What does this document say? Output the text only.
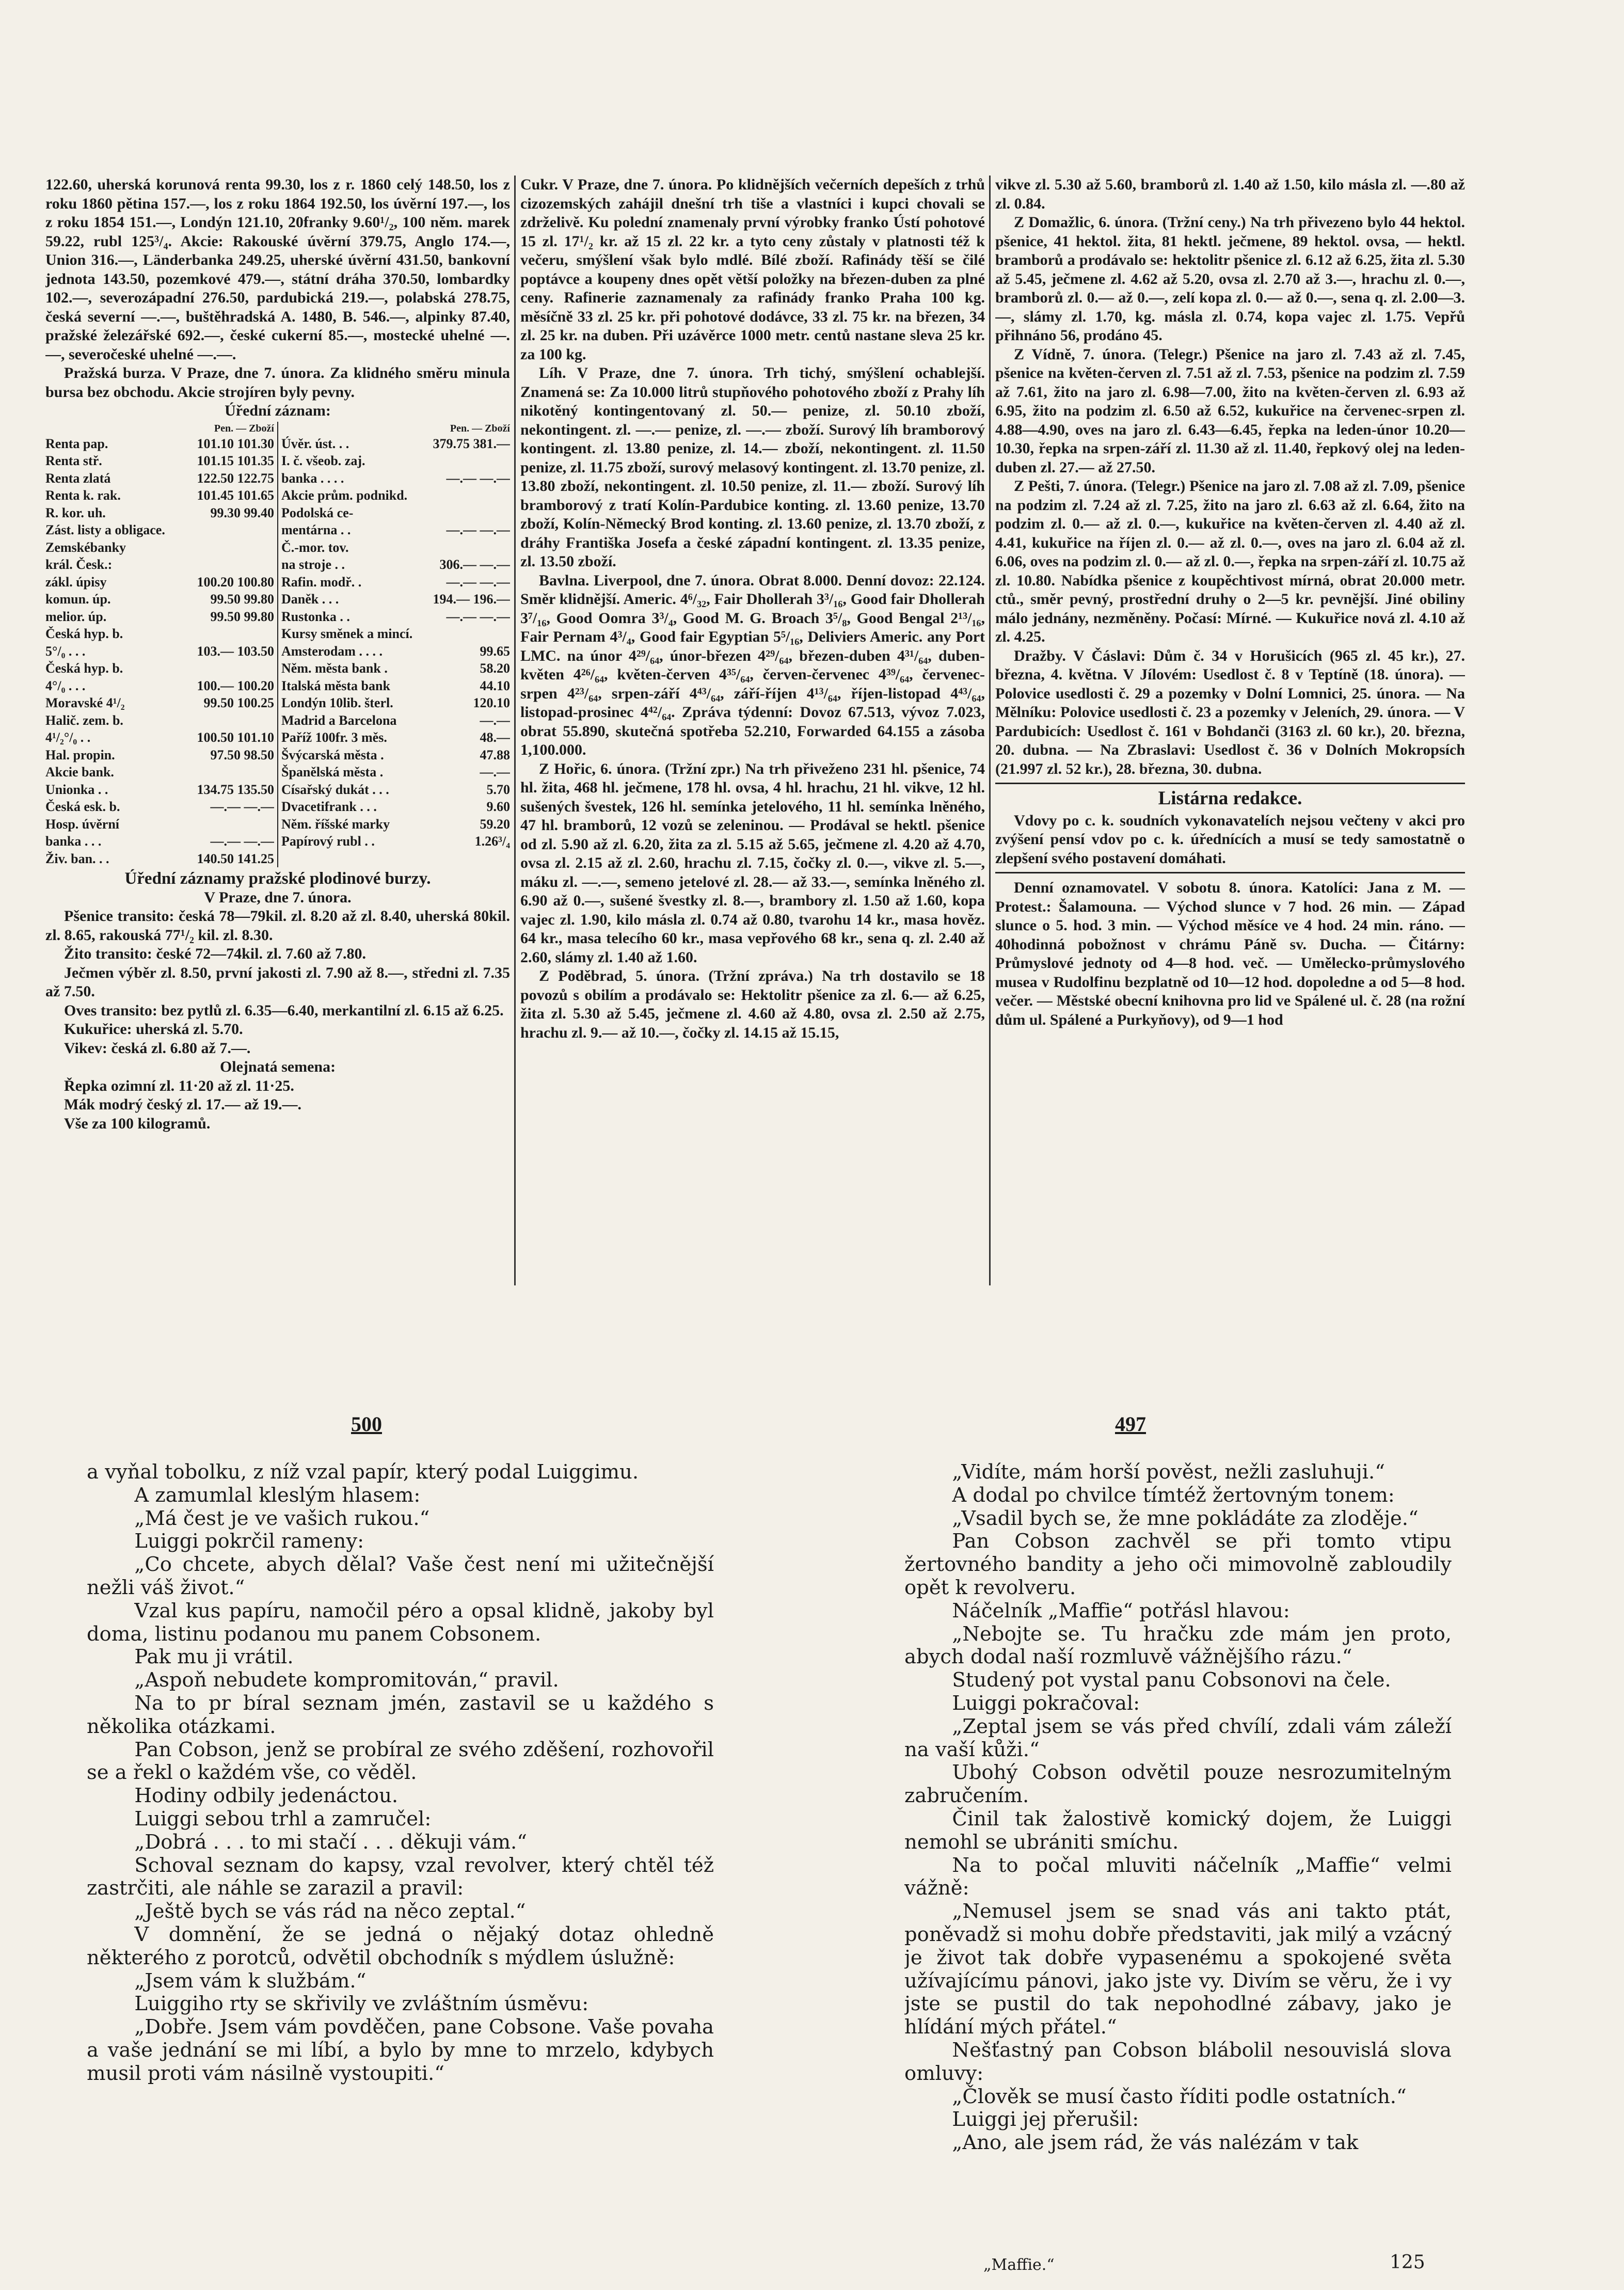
122.60, uherská korunová renta 99.30, los z r. 1860 celý 148.50, los z roku 1860 pětina 157.—, los z roku 1864 192.50, los úvěrní 197.—, los z roku 1854 151.—, Londýn 121.10, 20franky 9.60¹/₂, 100 něm. marek 59.22, rubl 125³/₄. Akcie: Rakouské úvěrní 379.75, Anglo 174.—, Union 316.—, Länderbanka 249.25, uherské úvěrní 431.50, bankovní jednota 143.50, pozemkové 479.—, státní dráha 370.50, lombardky 102.—, severozápadní 276.50, pardubická 219.—, polabská 278.75, česká severní —.—, buštěhradská A. 1480, B. 546.—, alpinky 87.40, pražské železářské 692.—, české cukerní 85.—, mostecké uhelné —.—, severočeské uhelné —.—.

Pražská burza. V Praze, dne 7. února. Za klidného směru minula bursa bez obchodu. Akcie strojíren byly pevny.

Úřední záznam:

Pen. — Zboží
Renta pap.	101.10 101.30
Renta stř.	101.15 101.35
Renta zlatá	122.50 122.75
Renta k. rak.	101.45 101.65
R. kor. uh.	99.30 99.40
Zást. listy a obligace.
Zemskébanky
král. Česk.:
zákl. úpisy	100.20 100.80
komun. úp.	99.50 99.80
melior. úp.	99.50 99.80
Česká hyp. b.
5°/₀ . . .	103.— 103.50
Česká hyp. b.
4°/₀ . . .	100.— 100.20
Moravské 4¹/₂	99.50 100.25
Halič. zem. b.
4¹/₂°/₀ . .	100.50 101.10
Hal. propin.	97.50 98.50
Akcie bank.
Unionka . .	134.75 135.50
Česká esk. b.	—.— —.—
Hosp. úvěrní
banka . . .	—.— —.—
Živ. ban. . .	140.50 141.25
Pen. — Zboží
Úvěr. úst. . .	379.75 381.—
I. č. všeob. zaj.
banka . . . .	—.— —.—
Akcie prům. podnikd.
Podolská ce-
mentárna . .	—.— —.—
Č.-mor. tov.
na stroje . .	306.— —.—
Rafin. modř. .	—.— —.—
Daněk . . .	194.— 196.—
Rustonka . .	—.— —.—
Kursy směnek a mincí.
Amsterodam . . . .	99.65
Něm. města bank .	58.20
Italská města bank	44.10
Londýn 10lib. šterl.	120.10
Madrid a Barcelona	—.—
Paříž 100fr. 3 měs.	48.—
Švýcarská města .	47.88
Španělská města .	—.—
Císařský dukát . . .	5.70
Dvacetifrank . . .	9.60
Něm. říšské marky	59.20
Papírový rubl . .	1.26³/₄

Úřední záznamy pražské plodinové burzy.

V Praze, dne 7. února.

Pšenice transito: česká 78—79kil. zl. 8.20 až zl. 8.40, uherská 80kil. zl. 8.65, rakouská 77¹/₂ kil. zl. 8.30.

Žito transito: české 72—74kil. zl. 7.60 až 7.80.

Ječmen výběr zl. 8.50, první jakosti zl. 7.90 až 8.—, středni zl. 7.35 až 7.50.

Oves transito: bez pytlů zl. 6.35—6.40, merkantilní zl. 6.15 až 6.25.

Kukuřice: uherská zl. 5.70.

Vikev: česká zl. 6.80 až 7.—.

Olejnatá semena:

Řepka ozimní zl. 11·20 až zl. 11·25.

Mák modrý český zl. 17.— až 19.—.

Vše za 100 kilogramů.

Cukr. V Praze, dne 7. února. Po klidnějších večerních depeších z trhů cizozemských zahájil dnešní trh tiše a vlastníci i kupci chovali se zdrželivě. Ku polední znamenaly první výrobky franko Ústí pohotové 15 zl. 17¹/₂ kr. až 15 zl. 22 kr. a tyto ceny zůstaly v platnosti též k večeru, smýšlení však bylo mdlé. Bílé zboží. Rafinády těší se čilé poptávce a koupeny dnes opět větší položky na březen-duben za plné ceny. Rafinerie zaznamenaly za rafinády franko Praha 100 kg. měsíčně 33 zl. 25 kr. při pohotové dodávce, 33 zl. 75 kr. na březen, 34 zl. 25 kr. na duben. Při uzávěrce 1000 metr. centů nastane sleva 25 kr. za 100 kg.

Líh. V Praze, dne 7. února. Trh tichý, smýšlení ochablejší. Znamená se: Za 10.000 litrů stupňového pohotového zboží z Prahy líh nikotěný kontingentovaný zl. 50.— penize, zl. 50.10 zboží, nekontingent. zl. —.— penize, zl. —.— zboží. Surový líh bramborový kontingent. zl. 13.80 penize, zl. 14.— zboží, nekontingent. zl. 11.50 penize, zl. 11.75 zboží, surový melasový kontingent. zl. 13.70 penize, zl. 13.80 zboží, nekontingent. zl. 10.50 penize, zl. 11.— zboží. Surový líh bramborový z tratí Kolín-Pardubice konting. zl. 13.60 penize, 13.70 zboží, Kolín-Německý Brod konting. zl. 13.60 penize, zl. 13.70 zboží, z dráhy Františka Josefa a české západní kontingent. zl. 13.35 penize, zl. 13.50 zboží.

Bavlna. Liverpool, dne 7. února. Obrat 8.000. Denní dovoz: 22.124. Směr klidnější. Americ. 4⁶/₃₂, Fair Dhollerah 3³/₁₆, Good fair Dhollerah 3⁷/₁₆, Good Oomra 3³/₄, Good M. G. Broach 3⁵/₈, Good Bengal 2¹³/₁₆, Fair Pernam 4³/₄, Good fair Egyptian 5⁵/₁₆, Deliviers Americ. any Port LMC. na únor 4²⁹/₆₄, únor-březen 4²⁹/₆₄, březen-duben 4³¹/₆₄, duben-květen 4²⁶/₆₄, květen-červen 4³⁵/₆₄, červen-červenec 4³⁹/₆₄, červenec-srpen 4²³/₆₄, srpen-září 4⁴³/₆₄, září-říjen 4¹³/₆₄, říjen-listopad 4⁴³/₆₄, listopad-prosinec 4⁴²/₆₄. Zpráva týdenní: Dovoz 67.513, vývoz 7.023, obrat 55.890, skutečná spotřeba 52.210, Forwarded 64.155 a zásoba 1,100.000.

Z Hořic, 6. února. (Tržní zpr.) Na trh přiveženo 231 hl. pšenice, 74 hl. žita, 468 hl. ječmene, 178 hl. ovsa, 4 hl. hrachu, 21 hl. vikve, 12 hl. sušených švestek, 126 hl. semínka jetelového, 11 hl. semínka lněného, 47 hl. bramborů, 12 vozů se zeleninou. — Prodával se hektl. pšenice od zl. 5.90 až zl. 6.20, žita za zl. 5.15 až 5.65, ječmene zl. 4.20 až 4.70, ovsa zl. 2.15 až zl. 2.60, hrachu zl. 7.15, čočky zl. 0.—, vikve zl. 5.—, máku zl. —.—, semeno jetelové zl. 28.— až 33.—, semínka lněného zl. 6.90 až 0.—, sušené švestky zl. 8.—, brambory zl. 1.50 až 1.60, kopa vajec zl. 1.90, kilo másla zl. 0.74 až 0.80, tvarohu 14 kr., masa hověz. 64 kr., masa telecího 60 kr., masa vepřového 68 kr., sena q. zl. 2.40 až 2.60, slámy zl. 1.40 až 1.60.

Z Poděbrad, 5. února. (Tržní zpráva.) Na trh dostavilo se 18 povozů s obilím a prodávalo se: Hektolitr pšenice za zl. 6.— až 6.25, žita zl. 5.30 až 5.45, ječmene zl. 4.60 až 4.80, ovsa zl. 2.50 až 2.75, hrachu zl. 9.— až 10.—, čočky zl. 14.15 až 15.15,

vikve zl. 5.30 až 5.60, bramborů zl. 1.40 až 1.50, kilo másla zl. —.80 až zl. 0.84.

Z Domažlic, 6. února. (Tržní ceny.) Na trh přivezeno bylo 44 hektol. pšenice, 41 hektol. žita, 81 hektl. ječmene, 89 hektol. ovsa, — hektl. bramborů a prodávalo se: hektolitr pšenice zl. 6.12 až 6.25, žita zl. 5.30 až 5.45, ječmene zl. 4.62 až 5.20, ovsa zl. 2.70 až 3.—, hrachu zl. 0.—, bramborů zl. 0.— až 0.—, zelí kopa zl. 0.— až 0.—, sena q. zl. 2.00—3.—, slámy zl. 1.70, kg. másla zl. 0.74, kopa vajec zl. 1.75. Vepřů přihnáno 56, prodáno 45.

Z Vídně, 7. února. (Telegr.) Pšenice na jaro zl. 7.43 až zl. 7.45, pšenice na květen-červen zl. 7.51 až zl. 7.53, pšenice na podzim zl. 7.59 až 7.61, žito na jaro zl. 6.98—7.00, žito na květen-červen zl. 6.93 až 6.95, žito na podzim zl. 6.50 až 6.52, kukuřice na červenec-srpen zl. 4.88—4.90, oves na jaro zl. 6.43—6.45, řepka na leden-únor 10.20—10.30, řepka na srpen-září zl. 11.30 až zl. 11.40, řepkový olej na leden-duben zl. 27.— až 27.50.

Z Pešti, 7. února. (Telegr.) Pšenice na jaro zl. 7.08 až zl. 7.09, pšenice na podzim zl. 7.24 až zl. 7.25, žito na jaro zl. 6.63 až zl. 6.64, žito na podzim zl. 0.— až zl. 0.—, kukuřice na květen-červen zl. 4.40 až zl. 4.41, kukuřice na říjen zl. 0.— až zl. 0.—, oves na jaro zl. 6.04 až zl. 6.06, oves na podzim zl. 0.— až zl. 0.—, řepka na srpen-září zl. 10.75 až zl. 10.80. Nabídka pšenice z koupěchtivost mírná, obrat 20.000 metr. ctů., směr pevný, prostřední druhy o 2—5 kr. pevnější. Jiné obiliny málo jednány, nezměněny. Počasí: Mírné. — Kukuřice nová zl. 4.10 až zl. 4.25.

Dražby. V Čáslavi: Dům č. 34 v Horušicích (965 zl. 45 kr.), 27. března, 4. května. V Jílovém: Usedlost č. 8 v Teptíně (18. února). — Polovice usedlosti č. 29 a pozemky v Dolní Lomnici, 25. února. — Na Mělníku: Polovice usedlosti č. 23 a pozemky v Jeleních, 29. února. — V Pardubicích: Usedlost č. 161 v Bohdanči (3163 zl. 60 kr.), 20. března, 20. dubna. — Na Zbraslavi: Usedlost č. 36 v Dolních Mokropsích (21.997 zl. 52 kr.), 28. března, 30. dubna.

Listárna redakce.

Vdovy po c. k. soudních vykonavatelích nejsou večteny v akci pro zvýšení pensí vdov po c. k. úřednících a musí se tedy samostatně o zlepšení svého postavení domáhati.

Denní oznamovatel. V sobotu 8. února. Katolíci: Jana z M. — Protest.: Šalamouna. — Východ slunce v 7 hod. 26 min. — Západ slunce o 5. hod. 3 min. — Východ měsíce ve 4 hod. 24 min. ráno. — 40hodinná pobožnost v chrámu Páně sv. Ducha. — Čitárny: Průmyslové jednoty od 4—8 hod. več. — Umělecko-průmyslového musea v Rudolfinu bezplatně od 10—12 hod. dopoledne a od 5—8 hod. večer. — Městské obecní knihovna pro lid ve Spálené ul. č. 28 (na rožní dům ul. Spálené a Purkyňovy), od 9—1 hod

500	497

a vyňal tobolku, z níž vzal papír, který podal Luiggimu.

A zamumlal kleslým hlasem:

„Má čest je ve vašich rukou.“

Luiggi pokrčil rameny:

„Co chcete, abych dělal? Vaše čest není mi užitečnější nežli váš život.“

Vzal kus papíru, namočil péro a opsal klidně, jakoby byl doma, listinu podanou mu panem Cobsonem.

Pak mu ji vrátil.

„Aspoň nebudete kompromitován,“ pravil.

Na to pr bíral seznam jmén, zastavil se u každého s několika otázkami.

Pan Cobson, jenž se probíral ze svého zděšení, rozhovořil se a řekl o každém vše, co věděl.

Hodiny odbily jedenáctou.

Luiggi sebou trhl a zamručel:

„Dobrá . . . to mi stačí . . . děkuji vám.“

Schoval seznam do kapsy, vzal revolver, který chtěl též zastrčiti, ale náhle se zarazil a pravil:

„Ještě bych se vás rád na něco zeptal.“

V domnění, že se jedná o nějaký dotaz ohledně některého z porotců, odvětil obchodník s mýdlem úslužně:

„Jsem vám k službám.“

Luiggiho rty se skřivily ve zvláštním úsměvu:

„Dobře. Jsem vám povděčen, pane Cobsone. Vaše povaha a vaše jednání se mi líbí, a bylo by mne to mrzelo, kdybych musil proti vám násilně vystoupiti.“

„Vidíte, mám horší pověst, nežli zasluhuji.“

A dodal po chvilce tímtéž žertovným tonem:

„Vsadil bych se, že mne pokládáte za zloděje.“

Pan Cobson zachvěl se při tomto vtipu žertovného bandity a jeho oči mimovolně zabloudily opět k revolveru.

Náčelník „Maffie“ potřásl hlavou:

„Nebojte se. Tu hračku zde mám jen proto, abych dodal naší rozmluvě vážnějšího rázu.“

Studený pot vystal panu Cobsonovi na čele.

Luiggi pokračoval:

„Zeptal jsem se vás před chvílí, zdali vám záleží na vaší kůži.“

Ubohý Cobson odvětil pouze nesrozumitelným zabručením.

Činil tak žalostivě komický dojem, že Luiggi nemohl se ubrániti smíchu.

Na to počal mluviti náčelník „Maffie“ velmi vážně:

„Nemusel jsem se snad vás ani takto ptát, poněvadž si mohu dobře představiti, jak milý a vzácný je život tak dobře vypasenému a spokojené světa užívajícímu pánovi, jako jste vy. Divím se věru, že i vy jste se pustil do tak nepohodlné zábavy, jako je hlídání mých přátel.“

Nešťastný pan Cobson blábolil nesouvislá slova omluvy:

„Člověk se musí často říditi podle ostatních.“

Luiggi jej přerušil:

„Ano, ale jsem rád, že vás nalézám v tak

„Maffie.“	125
